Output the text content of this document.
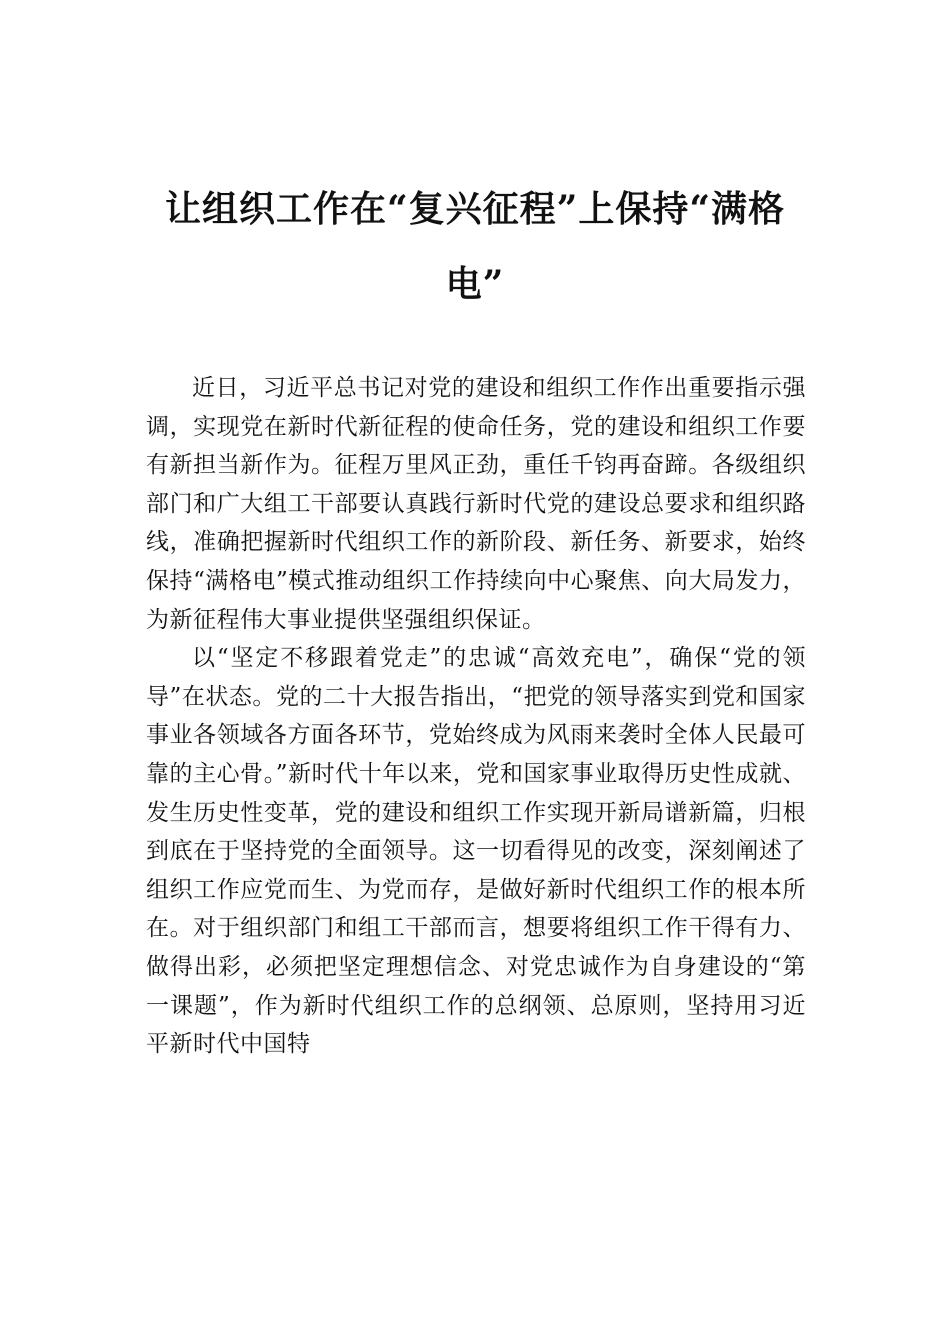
让组织工作在“复兴征程”上保持“满格
电”

近日，习近平总书记对党的建设和组织工作作出重要指示强调，实现党在新时代新征程的使命任务，党的建设和组织工作要有新担当新作为。征程万里风正劲，重任千钧再奋蹄。各级组织部门和广大组工干部要认真践行新时代党的建设总要求和组织路线，准确把握新时代组织工作的新阶段、新任务、新要求，始终保持“满格电”模式推动组织工作持续向中心聚焦、向大局发力，为新征程伟大事业提供坚强组织保证。

以“坚定不移跟着党走”的忠诚“高效充电”，确保“党的领导”在状态。党的二十大报告指出，“把党的领导落实到党和国家事业各领域各方面各环节，党始终成为风雨来袭时全体人民最可靠的主心骨。”新时代十年以来，党和国家事业取得历史性成就、发生历史性变革，党的建设和组织工作实现开新局谱新篇，归根到底在于坚持党的全面领导。这一切看得见的改变，深刻阐述了组织工作应党而生、为党而存，是做好新时代组织工作的根本所在。对于组织部门和组工干部而言，想要将组织工作干得有力、做得出彩，必须把坚定理想信念、对党忠诚作为自身建设的“第一课题”，作为新时代组织工作的总纲领、总原则，坚持用习近平新时代中国特
